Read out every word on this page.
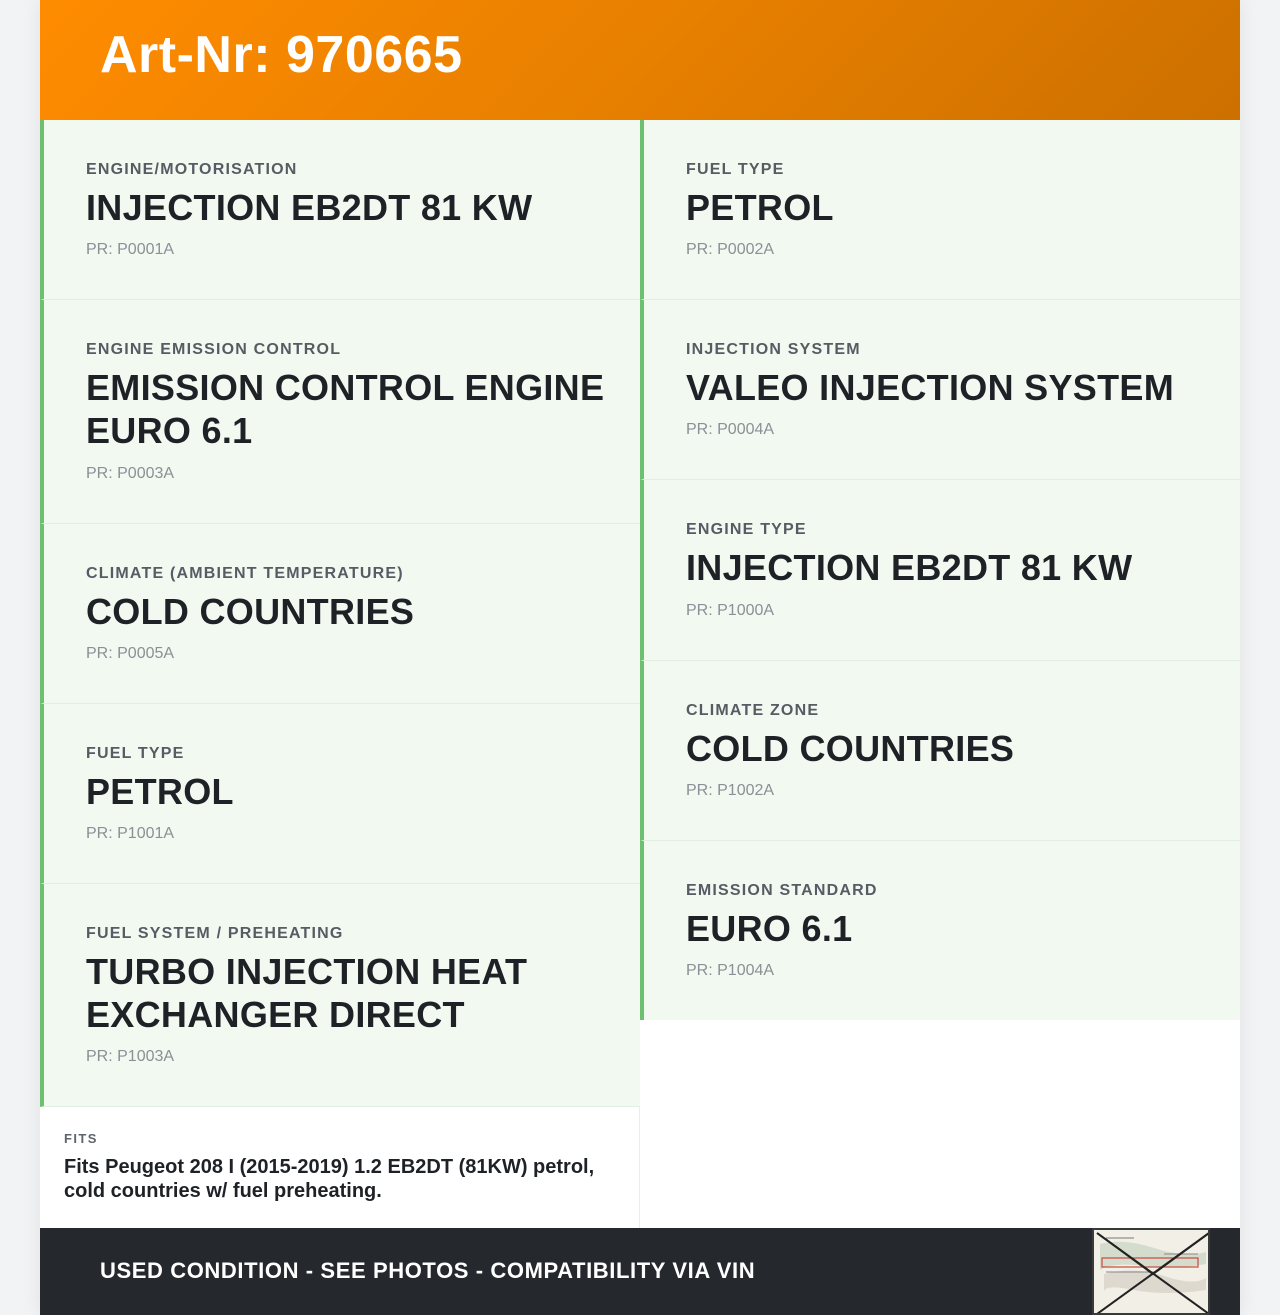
Art-Nr: 970665
ENGINE/MOTORISATION
INJECTION EB2DT 81 KW
PR: P0001A
ENGINE EMISSION CONTROL
EMISSION CONTROL ENGINE EURO 6.1
PR: P0003A
CLIMATE (AMBIENT TEMPERATURE)
COLD COUNTRIES
PR: P0005A
FUEL TYPE
PETROL
PR: P1001A
FUEL SYSTEM / PREHEATING
TURBO INJECTION HEAT EXCHANGER DIRECT
PR: P1003A
FUEL TYPE
PETROL
PR: P0002A
INJECTION SYSTEM
VALEO INJECTION SYSTEM
PR: P0004A
ENGINE TYPE
INJECTION EB2DT 81 KW
PR: P1000A
CLIMATE ZONE
COLD COUNTRIES
PR: P1002A
EMISSION STANDARD
EURO 6.1
PR: P1004A
FITS
Fits Peugeot 208 I (2015-2019) 1.2 EB2DT (81KW) petrol, cold countries w/ fuel preheating.
USED CONDITION - SEE PHOTOS - COMPATIBILITY VIA VIN
